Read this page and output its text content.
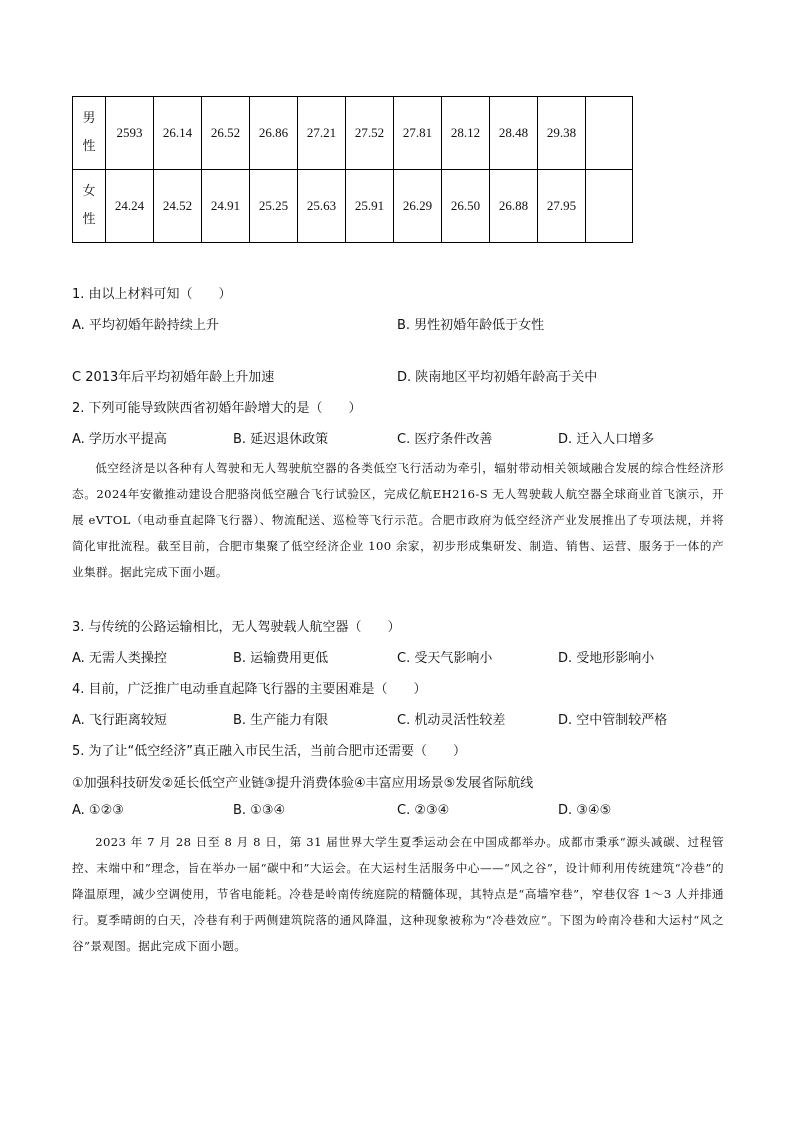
男
性	2593	26.14	26.52	26.86	27.21	27.52	27.81	28.12	28.48	29.38	

女
性	24.24	24.52	24.91	25.25	25.63	25.91	26.29	26.50	26.88	27.95	
1. 由以上材料可知（　　）
A. 平均初婚年龄持续上升	B. 男性初婚年龄低于女性
C 2013年后平均初婚年龄上升加速	D. 陕南地区平均初婚年龄高于关中
2. 下列可能导致陕西省初婚年龄增大的是（　　）
A. 学历水平提高	B. 延迟退休政策	C. 医疗条件改善	D. 迁入人口增多
低空经济是以各种有人驾驶和无人驾驶航空器的各类低空飞行活动为牵引，辐射带动相关领域融合发展的综合性经济形态。2024年安徽推动建设合肥骆岗低空融合飞行试验区，完成亿航EH216-S 无人驾驶载人航空器全球商业首飞演示，开展 eVTOL（电动垂直起降飞行器）、物流配送、巡检等飞行示范。合肥市政府为低空经济产业发展推出了专项法规，并将简化审批流程。截至目前，合肥市集聚了低空经济企业 100 余家，初步形成集研发、制造、销售、运营、服务于一体的产业集群。据此完成下面小题。
3. 与传统的公路运输相比，无人驾驶载人航空器（　　）
A. 无需人类操控	B. 运输费用更低	C. 受天气影响小	D. 受地形影响小
4. 目前，广泛推广电动垂直起降飞行器的主要困难是（　　）
A. 飞行距离较短	B. 生产能力有限	C. 机动灵活性较差	D. 空中管制较严格
5. 为了让“低空经济”真正融入市民生活，当前合肥市还需要（　　）
①加强科技研发②延长低空产业链③提升消费体验④丰富应用场景⑤发展省际航线
A. ①②③	B. ①③④	C. ②③④	D. ③④⑤
2023 年 7 月 28 日至 8 月 8 日，第 31 届世界大学生夏季运动会在中国成都举办。成都市秉承“源头减碳、过程管控、末端中和”理念，旨在举办一届“碳中和”大运会。在大运村生活服务中心——“风之谷”，设计师利用传统建筑“冷巷”的降温原理，减少空调使用，节省电能耗。冷巷是岭南传统庭院的精髓体现，其特点是“高墙窄巷”，窄巷仅容 1～3 人并排通行。夏季晴朗的白天，冷巷有利于两侧建筑院落的通风降温，这种现象被称为“冷巷效应”。下图为岭南冷巷和大运村“风之谷”景观图。据此完成下面小题。
